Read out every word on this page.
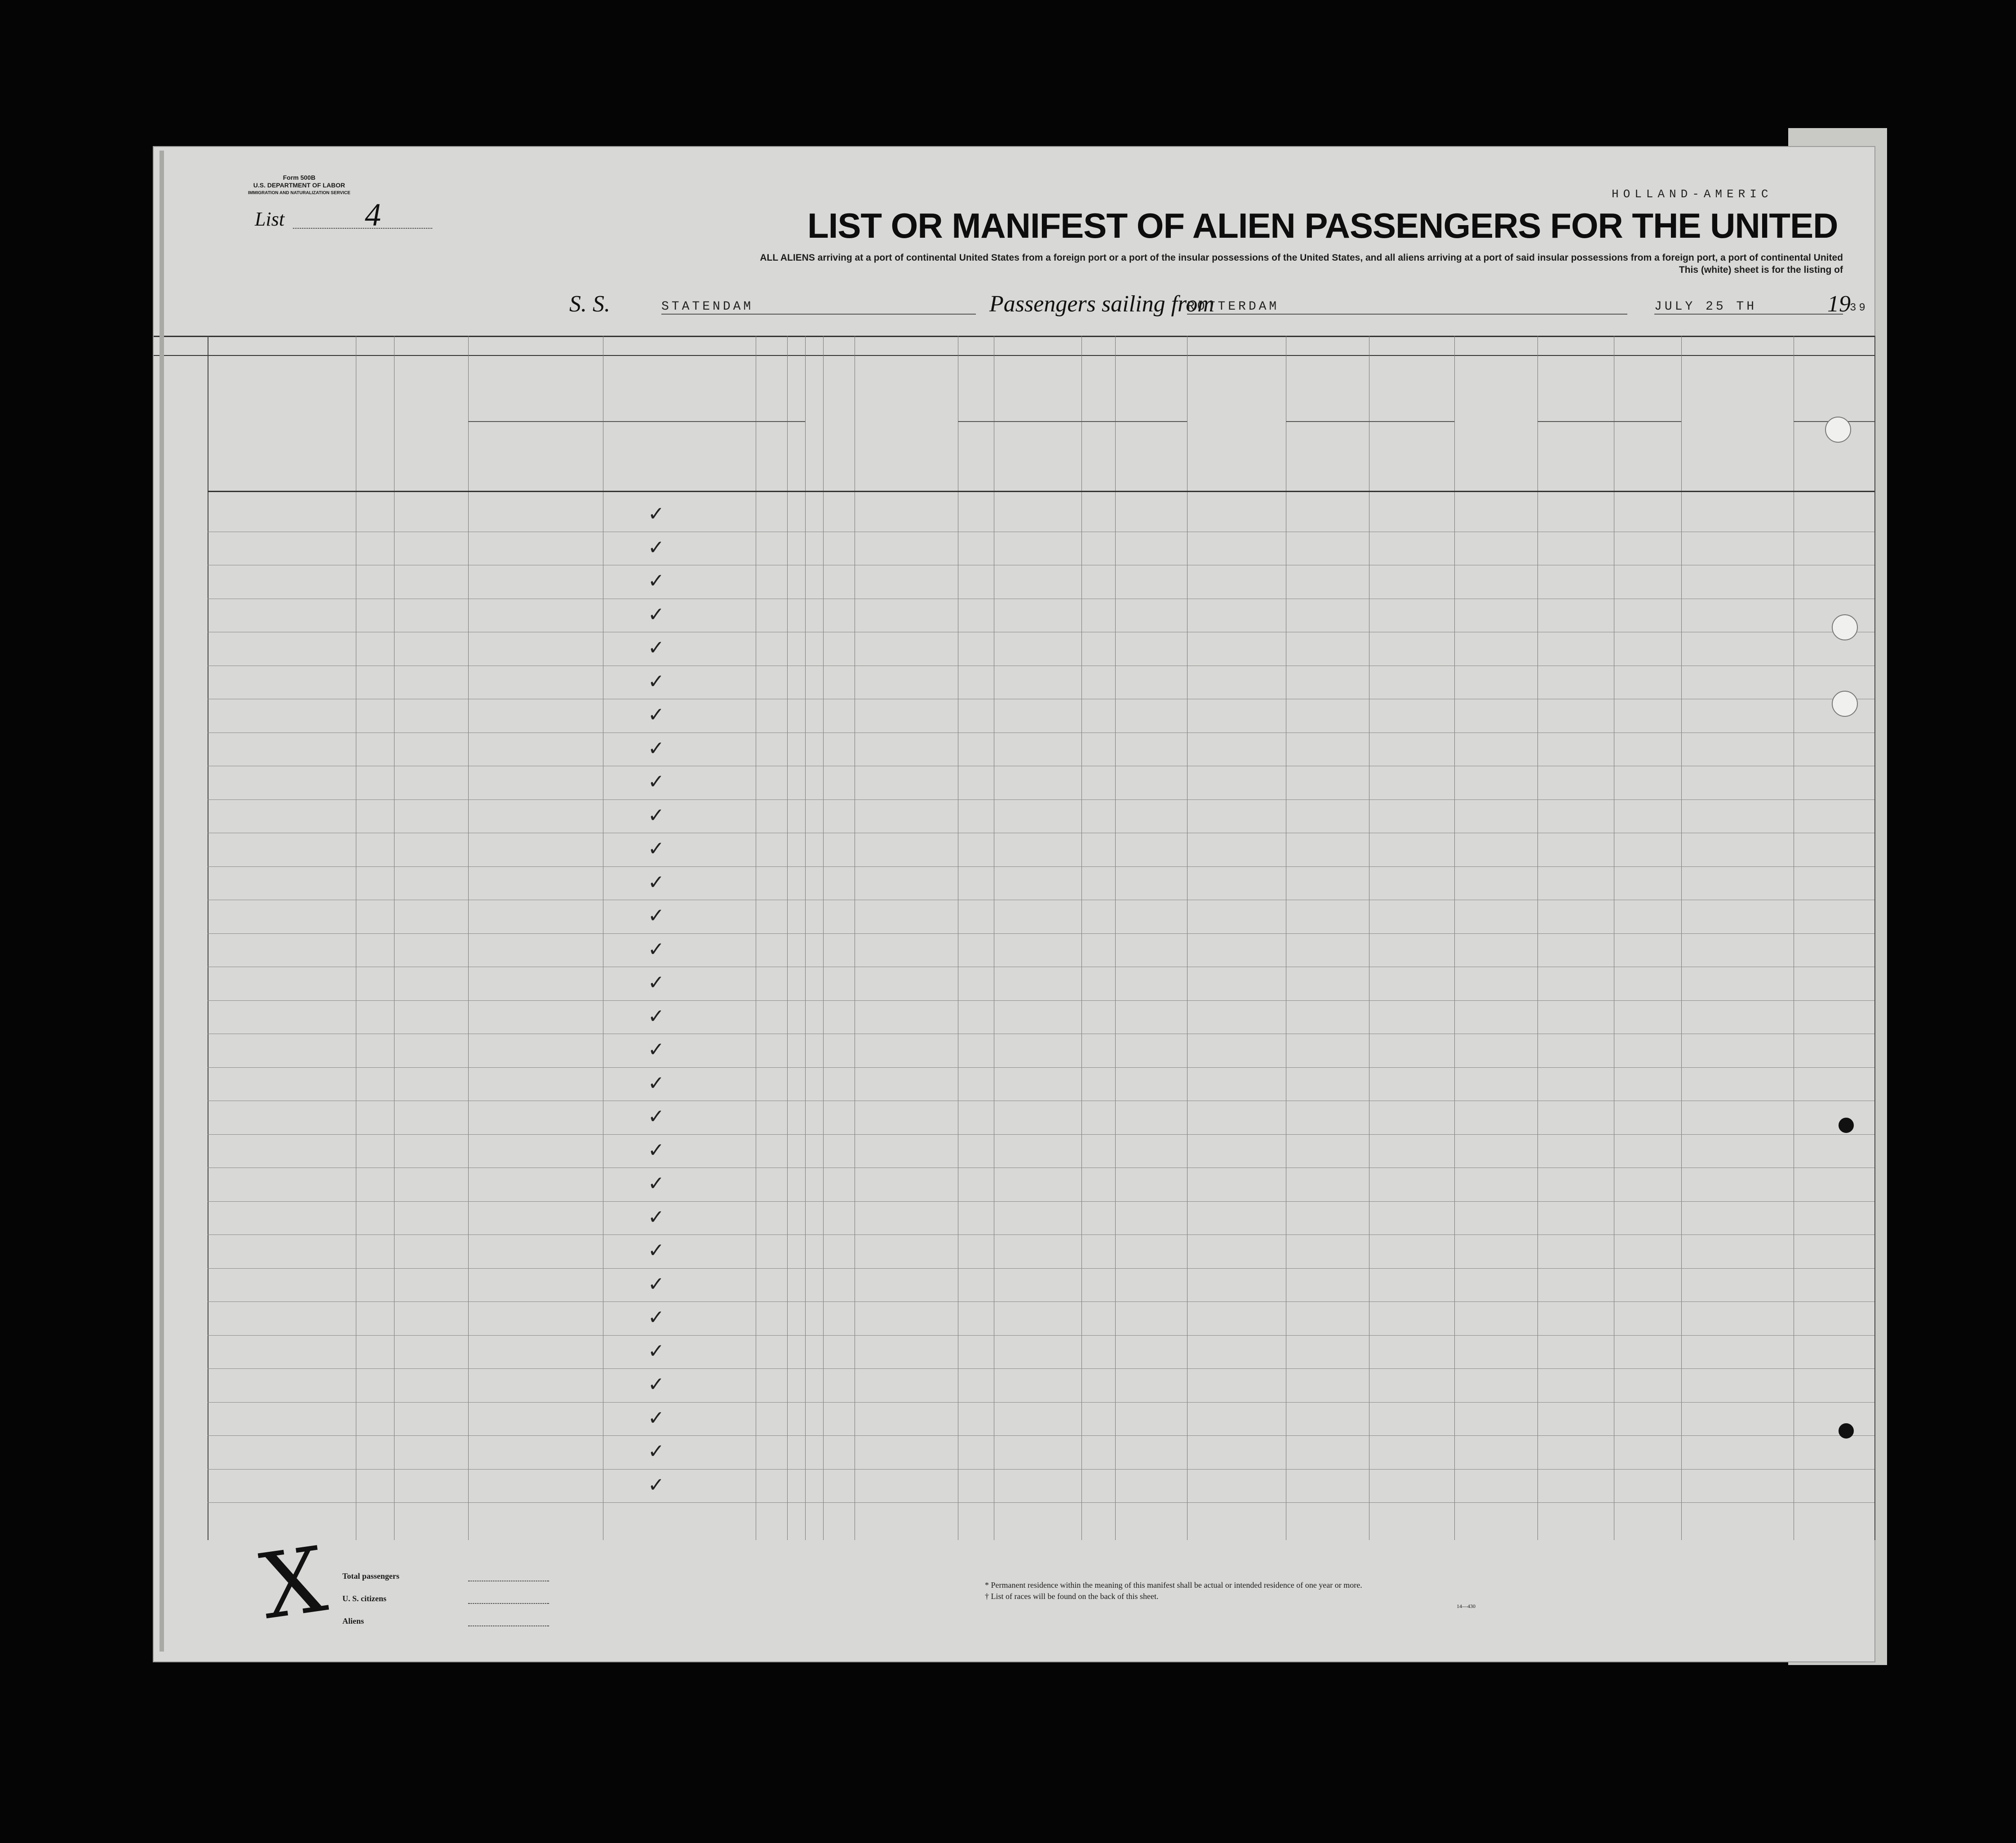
Form 500B
U.S. DEPARTMENT OF LABOR
IMMIGRATION AND NATURALIZATION SERVICE
List 4
HOLLAND-AMERIC
LIST OR MANIFEST OF ALIEN PASSENGERS FOR THE UNITED
ALL ALIENS arriving at a port of continental United States from a foreign port or a port of the insular possessions of the United States, and all aliens arriving at a port of said insular possessions from a foreign port, a port of continental United
This (white) sheet is for the listing of
S. S.	STATENDAM	Passengers sailing from
ROTTERDAM	JULY 25 TH	19
39
✓
✓
✓
✓
✓
✓
✓
✓
✓
✓
✓
✓
✓
✓
✓
✓
✓
✓
✓
✓
✓
✓
✓
✓
✓
✓
✓
✓
✓
✓
Total passengers
U. S. citizens
Aliens
* Permanent residence within the meaning of this manifest shall be actual or intended residence of one year or more.
† List of races will be found on the back of this sheet.
14—430
X
